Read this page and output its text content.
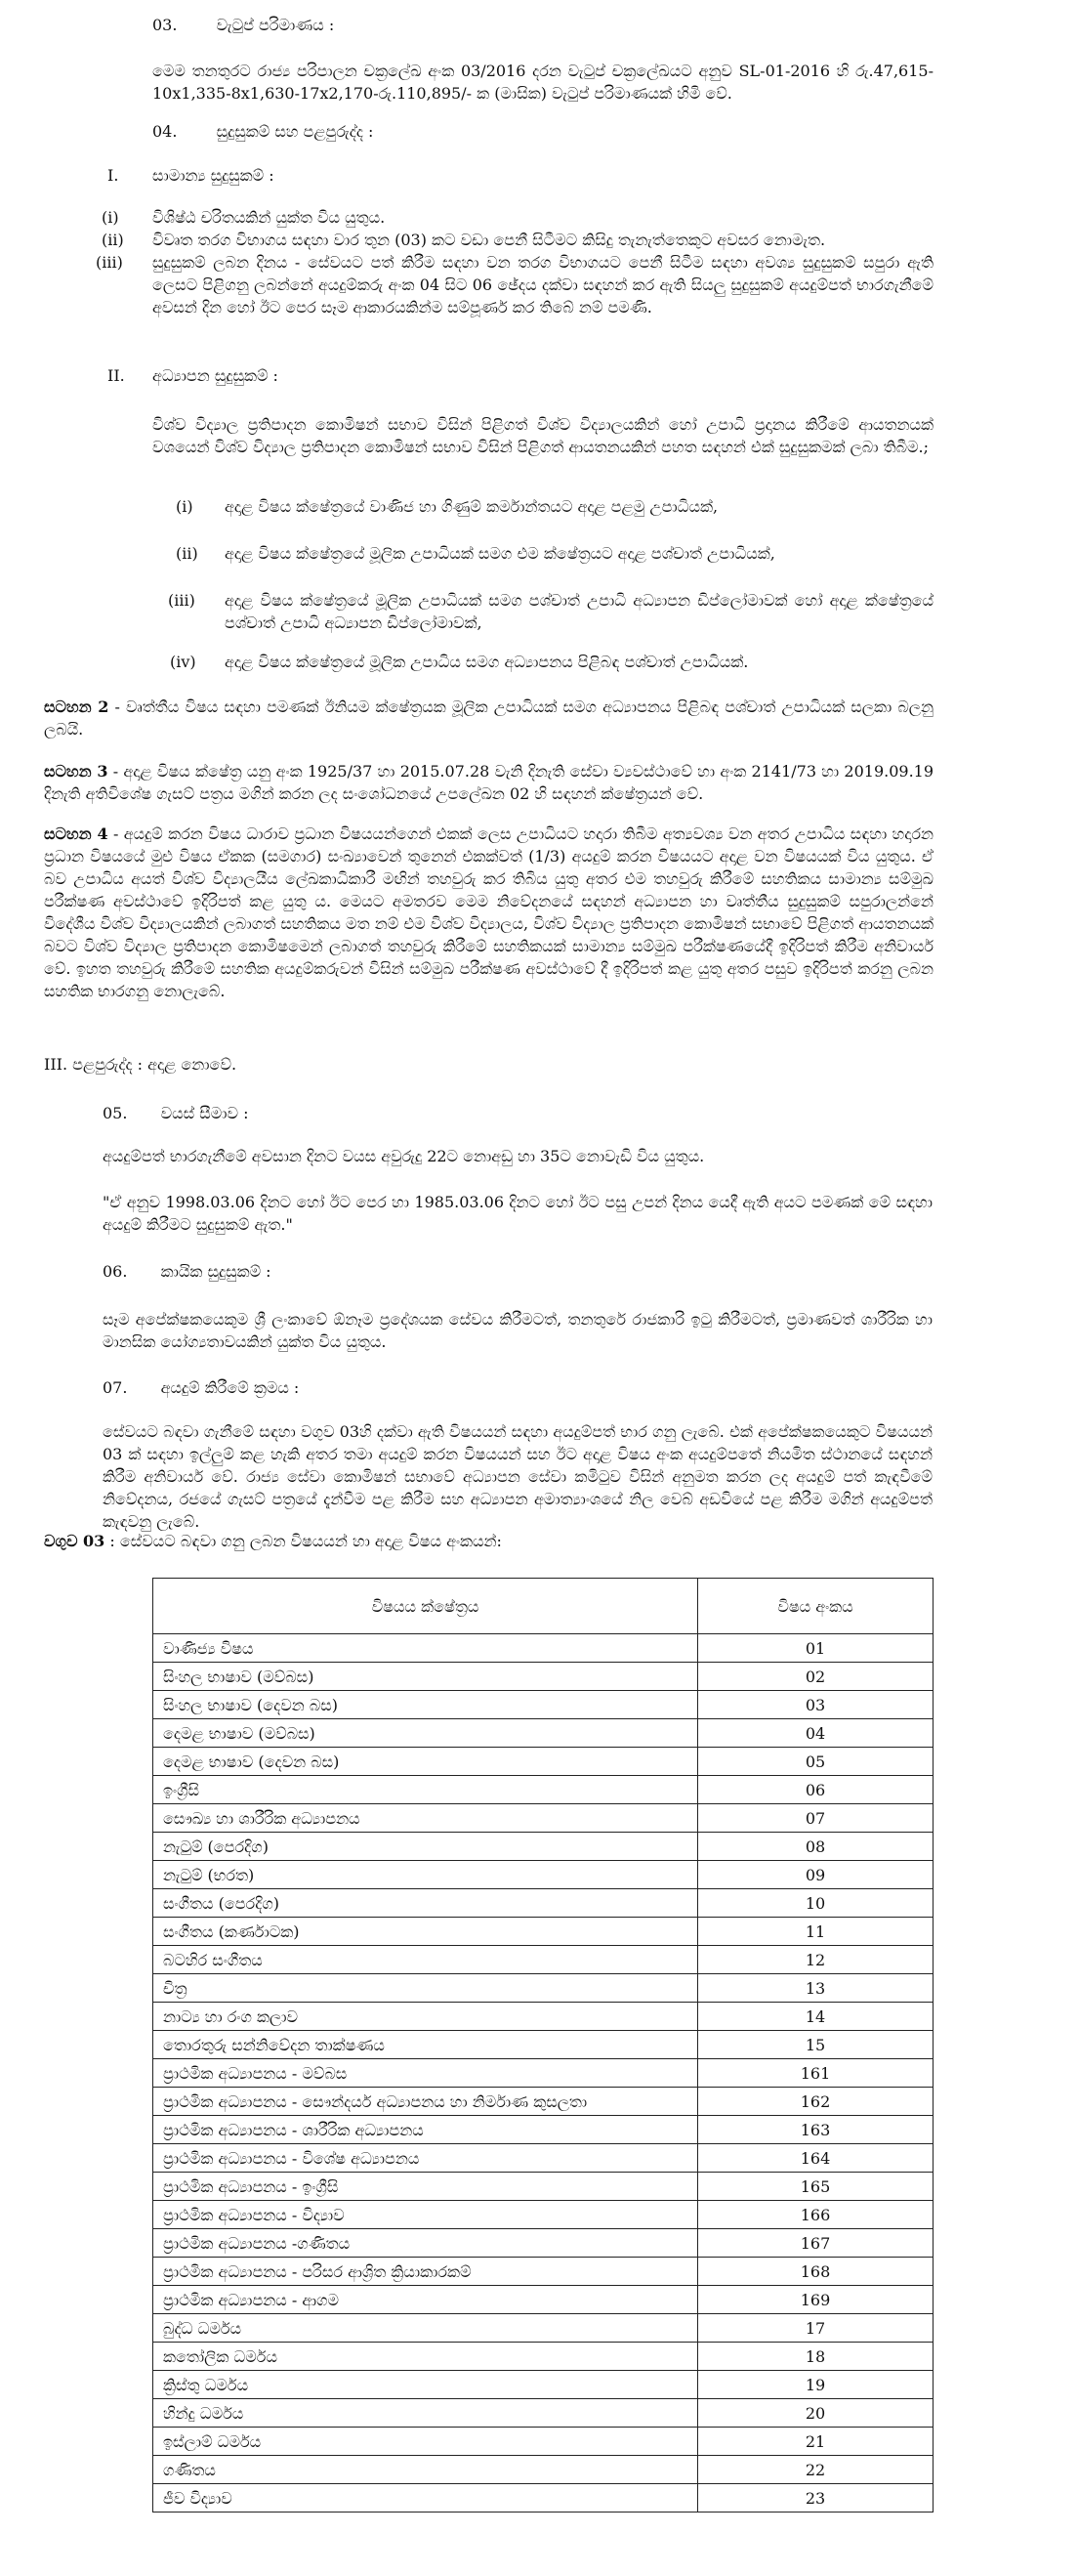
03.	වැටුප් පරිමාණය :

මෙම තනතුරට රාජ්‍ය පරිපාලන චක්‍රලේඛ අංක 03/2016 දරන වැටුප් චක්‍රලේඛයට අනුව SL-01-2016 හි රු.47,615-10x1,335-8x1,630-17x2,170-රු.110,895/- ක (මාසික) වැටුප් පරිමාණයක් හිමි වේ.

04.	සුදුසුකම් සහ පළපුරුද්ද :

I.	සාමාන්‍ය සුදුසුකම් :

(i)	විශිෂ්ඨ චරිතයකින් යුක්ත විය යුතුය.

(ii)	විවෘත තරග විභාගය සඳහා වාර තුන (03) කට වඩා පෙනී සිටීමට කිසිදු තැනැත්තෙකුට අවසර නොමැත.

(iii)	සුදුසුකම් ලබන දිනය - සේවයට පත් කිරීම සඳහා වන තරග විභාගයට පෙනී සිටීම සඳහා අවශ්‍ය සුදුසුකම් සපුරා ඇති ලෙසට පිළිගනු ලබන්නේ අයදුම්කරු අංක 04 සිට 06 ඡේදය දක්වා සඳහන් කර ඇති සියලු සුදුසුකම් අයදුම්පත් භාරගැනීමේ අවසන් දින හෝ ඊට පෙර සෑම ආකාරයකින්ම සම්පූර්ණ කර තිබේ නම් පමණි.

II.	අධ්‍යාපන සුදුසුකම් :

විශ්ව විද්‍යාල ප්‍රතිපාදන කොමිෂන් සභාව විසින් පිළිගත් විශ්ව විද්‍යාලයකින් හෝ උපාධි ප්‍රදානය කිරීමේ ආයතනයක් වශයෙන් විශ්ව විද්‍යාල ප්‍රතිපාදන කොමිෂන් සභාව විසින් පිළිගත් ආයතනයකින් පහත සඳහන් එක් සුදුසුකමක් ලබා තිබීම.;

(i)	අදාළ විෂය ක්ෂේත්‍රයේ වාණිජ හා ගිණුම් කර්මාන්තයට අදාළ පළමු උපාධියක්,

(ii)	අදාළ විෂය ක්ෂේත්‍රයේ මූලික උපාධියක් සමග එම ක්ෂේත්‍රයට අදාළ පශ්චාත් උපාධියක්,

(iii)	අදාළ විෂය ක්ෂේත්‍රයේ මූලික උපාධියක් සමග පශ්චාත් උපාධි අධ්‍යාපන ඩිප්ලෝමාවක් හෝ අදාළ ක්ෂේත්‍රයේ පශ්චාත් උපාධි අධ්‍යාපන ඩිප්ලෝමාවක්,

(iv)	අදාළ විෂය ක්ෂේත්‍රයේ මූලික උපාධිය සමග අධ්‍යාපනය පිළිබඳ පශ්චාත් උපාධියක්.

සටහන 2 - වෘත්තීය විෂය සඳහා පමණක් ඊනියම ක්ෂේත්‍රයක මූලික උපාධියක් සමග අධ්‍යාපනය පිළිබඳ පශ්චාත් උපාධියක් සලකා බලනු ලබයි.

සටහන 3 - අදාළ විෂය ක්ෂේත්‍ර යනු අංක 1925/37 හා 2015.07.28 වැනි දිනැති සේවා ව්‍යවස්ථාවේ හා අංක 2141/73 හා 2019.09.19 දිනැති අතිවිශේෂ ගැසට් පත්‍රය මගින් කරන ලද සංශෝධනයේ උපලේඛන 02 හි සඳහන් ක්ෂේත්‍රයන් වේ.

සටහන 4 - අයදුම් කරන විෂය ධාරාව ප්‍රධාන විෂයයන්ගෙන් එකක් ලෙස උපාධියට හදාරා තිබීම අත්‍යවශ්‍ය වන අතර උපාධිය සඳහා හදාරන ප්‍රධාන විෂයයේ මුළු විෂය ඒකක (සමගාර) සංඛ්‍යාවෙන් තුනෙන් එකක්වත් (1/3) අයදුම් කරන විෂයයට අදාළ වන විෂයයක් විය යුතුය. ඒ බව උපාධිය අයත් විශ්ව විද්‍යාලයීය ලේඛකාධිකාරී මඟින් තහවුරු කර තිබිය යුතු අතර එම තහවුරු කිරීමේ සහතිකය සාමාන්‍ය සම්මුඛ පරීක්ෂණ අවස්ථාවේ ඉදිරිපත් කළ යුතු ය. මෙයට අමතරව මෙම නිවේදනයේ සඳහන් අධ්‍යාපන හා වෘත්තීය සුදුසුකම් සපුරාලන්නේ විදේශීය විශ්ව විද්‍යාලයකින් ලබාගත් සහතිකය මත නම් එම විශ්ව විද්‍යාලය, විශ්ව විද්‍යාල ප්‍රතිපාදන කොමිෂන් සභාවේ පිළිගත් ආයතනයක් බවට විශ්ව විද්‍යාල ප්‍රතිපාදන කොමිෂමෙන් ලබාගත් තහවුරු කිරීමේ සහතිකයක් සාමාන්‍ය සම්මුඛ පරීක්ෂණයේදී ඉදිරිපත් කිරීම අනිවාර්ය වේ. ඉහත තහවුරු කිරීමේ සහතික අයදුම්කරුවන් විසින් සම්මුඛ පරීක්ෂණ අවස්ථාවේ දී ඉදිරිපත් කළ යුතු අතර පසුව ඉදිරිපත් කරනු ලබන සහතික භාරගනු නොලැබේ.

III. පළපුරුද්ද : අදාළ නොවේ.

05. වයස් සීමාව :

අයදුම්පත් භාරගැනීමේ අවසාන දිනට වයස අවුරුදු 22ට නොඅඩු හා 35ට නොවැඩි විය යුතුය.

"ඒ අනුව 1998.03.06 දිනට හෝ ඊට පෙර හා 1985.03.06 දිනට හෝ ඊට පසු උපන් දිනය යෙදී ඇති අයට පමණක් මේ සඳහා අයදුම් කිරීමට සුදුසුකම් ඇත."

06. කායික සුදුසුකම් :

සෑම අපේක්ෂකයෙකුම ශ්‍රී ලංකාවේ ඕනෑම ප්‍රදේශයක සේවය කිරීමටත්, තනතුරේ රාජකාරි ඉටු කිරීමටත්, ප්‍රමාණවත් ශාරීරික හා මානසික යෝග්‍යතාවයකින් යුක්ත විය යුතුය.

07. අයදුම් කිරීමේ ක්‍රමය :

සේවයට බඳවා ගැනීමේ සඳහා වගුව 03හි දක්වා ඇති විෂයයන් සඳහා අයදුම්පත් භාර ගනු ලැබේ. එක් අපේක්ෂකයෙකුට විෂයයන් 03 ක් සඳහා ඉල්ලුම් කළ හැකි අතර තමා අයදුම් කරන විෂයයන් සහ ඊට අදාළ විෂය අංක අයදුම්පතේ නියමිත ස්ථානයේ සඳහන් කිරීම අනිවාර්ය වේ. රාජ්‍ය සේවා කොමිෂන් සභාවේ අධ්‍යාපන සේවා කමිටුව විසින් අනුමත කරන ලද අයදුම් පත් කැඳවීමේ නිවේදනය, රජයේ ගැසට් පත්‍රයේ දැන්වීම පළ කිරීම සහ අධ්‍යාපන අමාත්‍යාංශයේ නිල වෙබ් අඩවියේ පළ කිරීම මගින් අයදුම්පත් කැඳවනු ලැබේ.

වගුව 03 : සේවයට බඳවා ගනු ලබන විෂයයන් හා අදාළ විෂය අංකයන්:

විෂයය ක්ෂේත්‍රය	විෂය අංකය
වාණිජ්‍ය විෂය	01
සිංහල භාෂාව (මව්බස)	02
සිංහල භාෂාව (දෙවන බස)	03
දෙමළ භාෂාව (මව්බස)	04
දෙමළ භාෂාව (දෙවන බස)	05
ඉංග්‍රීසි	06
සෞඛ්‍ය හා ශාරීරික අධ්‍යාපනය	07
නැටුම් (පෙරදිග)	08
නැටුම් (භරත)	09
සංගීතය (පෙරදිග)	10
සංගීතය (කර්ණාටක)	11
බටහිර සංගීතය	12
චිත්‍ර	13
නාට්‍ය හා රංග කලාව	14
තොරතුරු සන්නිවේදන තාක්ෂණය	15
ප්‍රාථමික අධ්‍යාපනය - මව්බස	161
ප්‍රාථමික අධ්‍යාපනය - සෞන්දර්ය අධ්‍යාපනය හා නිර්මාණ කුසලතා	162
ප්‍රාථමික අධ්‍යාපනය - ශාරීරික අධ්‍යාපනය	163
ප්‍රාථමික අධ්‍යාපනය - විශේෂ අධ්‍යාපනය	164
ප්‍රාථමික අධ්‍යාපනය - ඉංග්‍රීසි	165
ප්‍රාථමික අධ්‍යාපනය - විද්‍යාව	166
ප්‍රාථමික අධ්‍යාපනය -ගණිතය	167
ප්‍රාථමික අධ්‍යාපනය - පරිසර ආශ්‍රිත ක්‍රියාකාරකම්	168
ප්‍රාථමික අධ්‍යාපනය - ආගම	169
බුද්ධ ධර්මය	17
කතෝලික ධර්මය	18
ක්‍රිස්තු ධර්මය	19
හින්දු ධර්මය	20
ඉස්ලාම් ධර්මය	21
ගණිතය	22
ජීව විද්‍යාව	23
